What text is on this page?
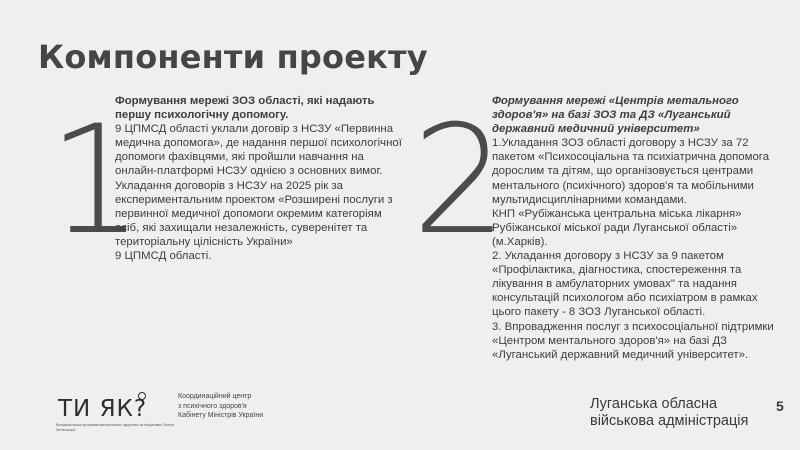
Компоненти проекту
1

Формування мережі ЗОЗ області, які надають першу психологічну допомогу.

9 ЦПМСД області уклали договір з НСЗУ «Первинна медична допомога», де надання першої психологічної допомоги фахівцями, які пройшли навчання на онлайн-платформі НСЗУ однією з основних вимог.

Укладання договорів з НСЗУ на 2025 рік за експериментальним проектом «Розширені послуги з первинної медичної допомоги окремим категоріям осіб, які захищали незалежність, суверенітет та територіальну цілісність України»

9 ЦПМСД області.	2

Формування мережі «Центрів метального здоров'я» на базі ЗОЗ та ДЗ «Луганський державний медичний університет»

1.Укладання ЗОЗ області договору з НСЗУ за 72 пакетом «Психосоціальна та психіатрична допомога дорослим та дітям, що організовується центрами ментального (психічного) здоров'я та мобільними мультидисциплінарними командами.

КНП «Рубіжанська центральна міська лікарня» Рубіжанської міської ради Луганської області» (м.Харків).

2. Укладання договору з НСЗУ за 9 пакетом «Профілактика, діагностика, спостереження та лікування в амбулаторних умовах" та надання консультацій психологом або психіатром в рамках цього пакету - 8 ЗОЗ Луганської області.

3. Впровадження послуг з психосоціальної підтримки «Центром ментального здоров'я» на базі ДЗ «Луганський державний медичний університет».

ТИ ЯК?
Всеукраїнська програма ментального здоров'я за ініціативи Олени Зеленської
Координаційний центр
з психічного здоров'я
Кабінету Міністрів України
Луганська обласна
військова адміністрація
5
